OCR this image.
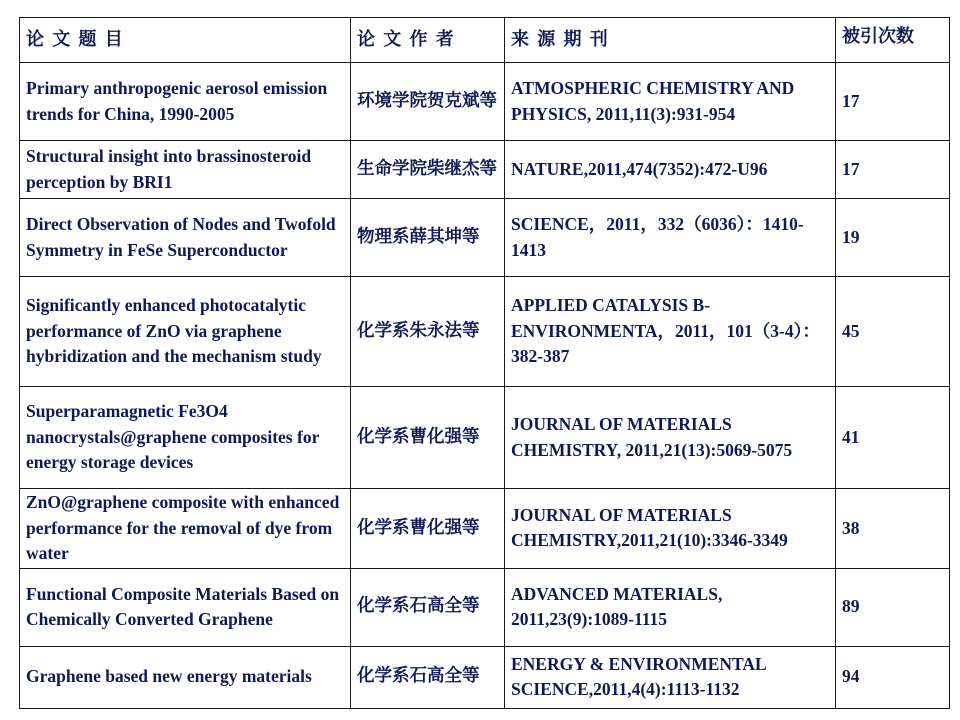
论 文 题 目	论 文 作 者	来 源 期 刊	被引次数
Primary anthropogenic aerosol emission trends for China, 1990-2005	环境学院贺克斌等	ATMOSPHERIC CHEMISTRY AND PHYSICS, 2011,11(3):931-954	17
Structural insight into brassinosteroid perception by BRI1	生命学院柴继杰等	NATURE,2011,474(7352):472-U96	17
Direct Observation of Nodes and Twofold Symmetry in FeSe Superconductor	物理系薛其坤等	SCIENCE，2011，332（6036）：1410-1413	19
Significantly enhanced photocatalytic performance of ZnO via graphene hybridization and the mechanism study	化学系朱永法等	APPLIED CATALYSIS B-ENVIRONMENTA，2011，101（3-4）：382-387	45
Superparamagnetic Fe3O4 nanocrystals@graphene composites for energy storage devices	化学系曹化强等	JOURNAL OF MATERIALS CHEMISTRY, 2011,21(13):5069-5075	41
ZnO@graphene composite with enhanced performance for the removal of dye from water	化学系曹化强等	JOURNAL OF MATERIALS CHEMISTRY,2011,21(10):3346-3349	38
Functional Composite Materials Based on Chemically Converted Graphene	化学系石高全等	ADVANCED MATERIALS, 2011,23(9):1089-1115	89
Graphene based new energy materials	化学系石高全等	ENERGY & ENVIRONMENTAL SCIENCE,2011,4(4):1113-1132	94
